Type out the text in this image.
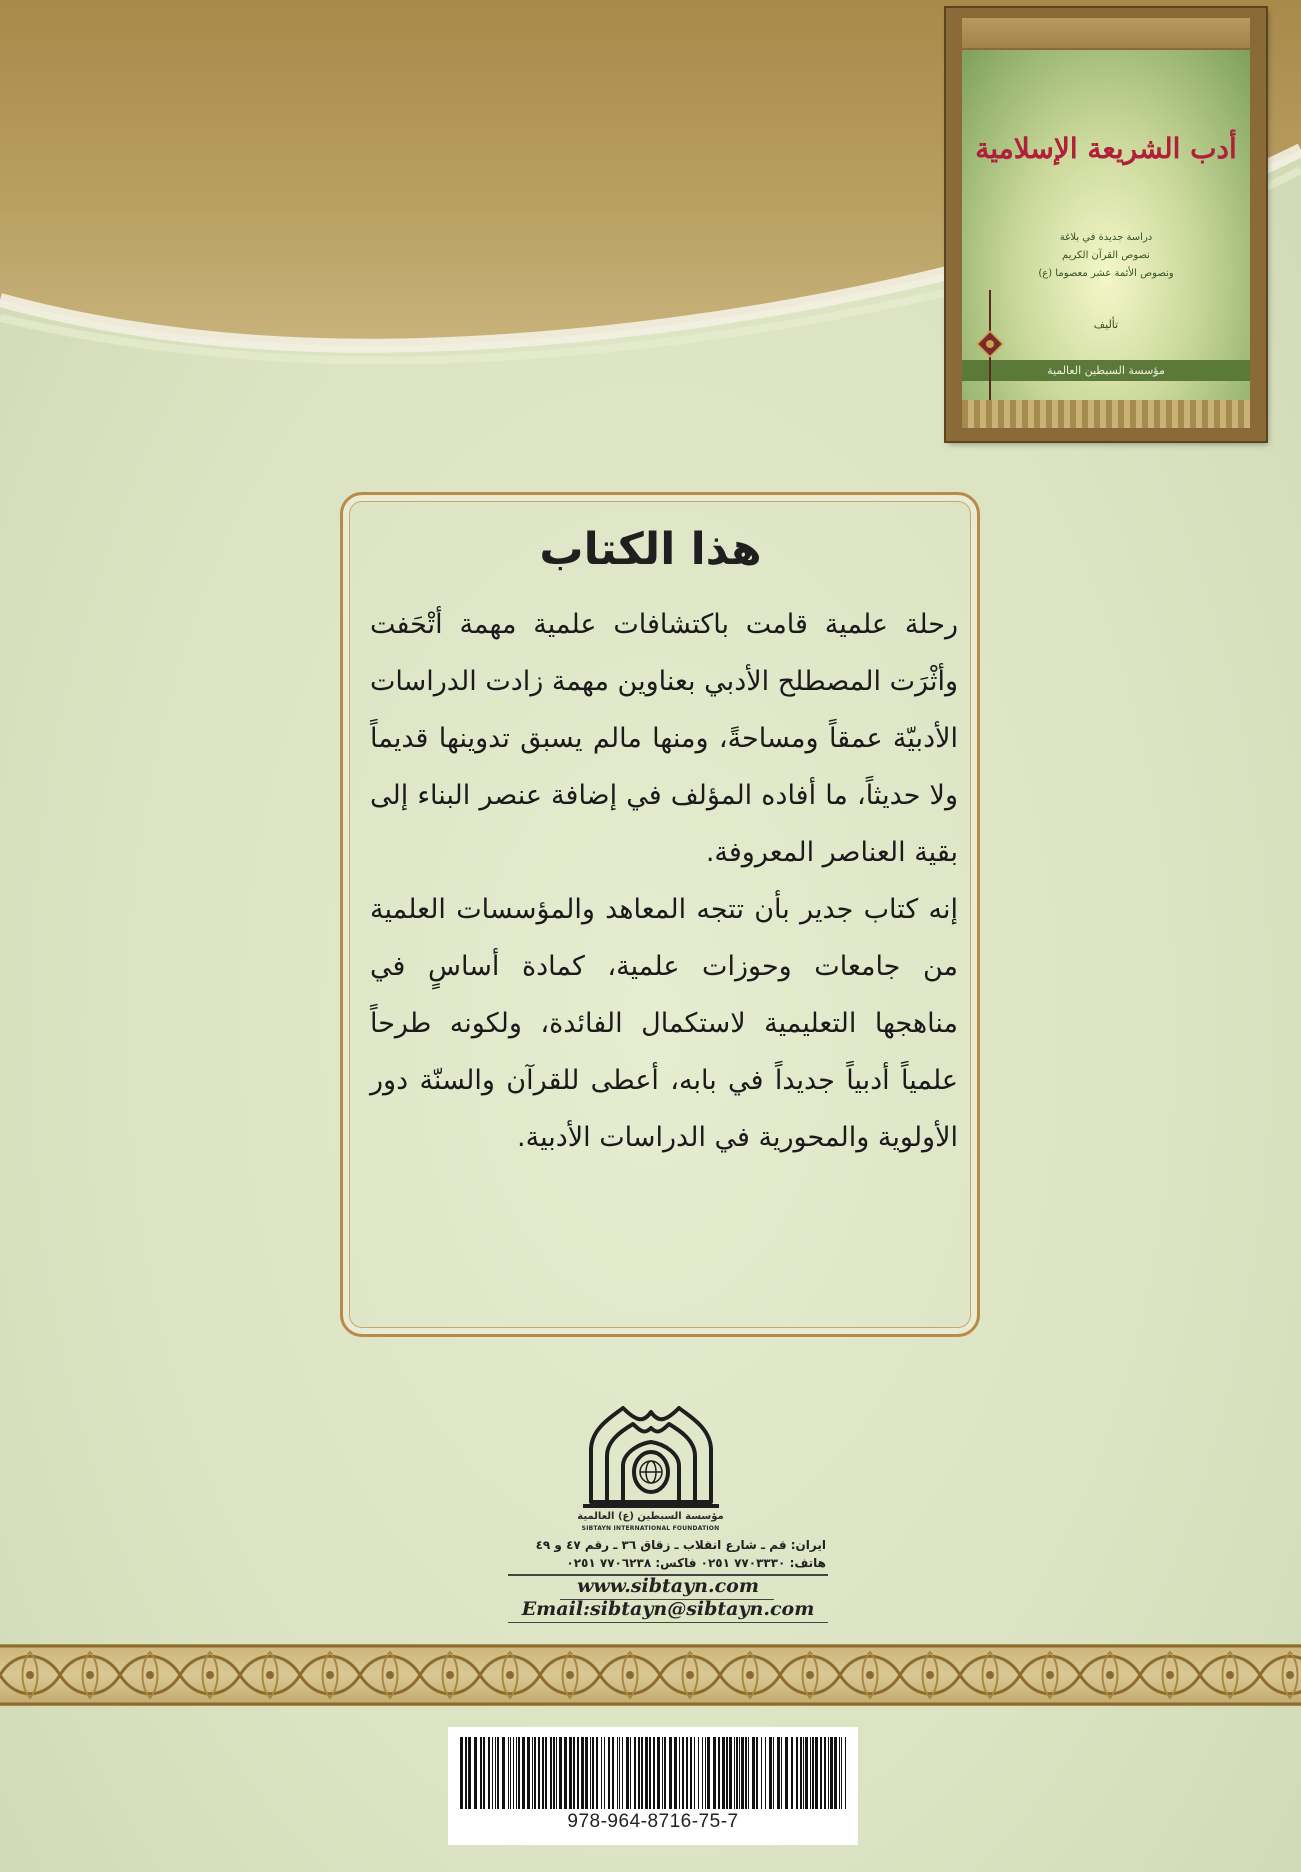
أدب الشريعة الإسلامية
دراسة جديدة في بلاغة
نصوص القرآن الكريم
ونصوص الأئمة عشر معصوما (ع)
تأليف
مؤسسة السبطين العالمية
هذا الكتاب

رحلة علمية قامت باكتشافات علمية مهمة أتْحَفت وأثْرَت المصطلح الأدبي بعناوين مهمة زادت الدراسات الأدبيّة عمقاً ومساحةً، ومنها مالم يسبق تدوينها قديماً ولا حديثاً، ما أفاده المؤلف في إضافة عنصر البناء إلى بقية العناصر المعروفة.

إنه كتاب جدير بأن تتجه المعاهد والمؤسسات العلمية من جامعات وحوزات علمية، كمادة أساسٍ في مناهجها التعليمية لاستكمال الفائدة، ولكونه طرحاً علمياً أدبياً جديداً في بابه، أعطى للقرآن والسنّة دور الأولوية والمحورية في الدراسات الأدبية.

مؤسسة السبطين (ع) العالمية
SIBTAYN INTERNATIONAL FOUNDATION
ايران: قم ـ شارع انقلاب ـ زقاق ٣٦ ـ رقم ٤٧ و ٤٩
هاتف: ٧٧٠٣٣٣٠ ٠٢٥١ فاكس: ٧٧٠٦٢٣٨ ٠٢٥١
www.sibtayn.com
Email:sibtayn@sibtayn.com
978-964-8716-75-7
